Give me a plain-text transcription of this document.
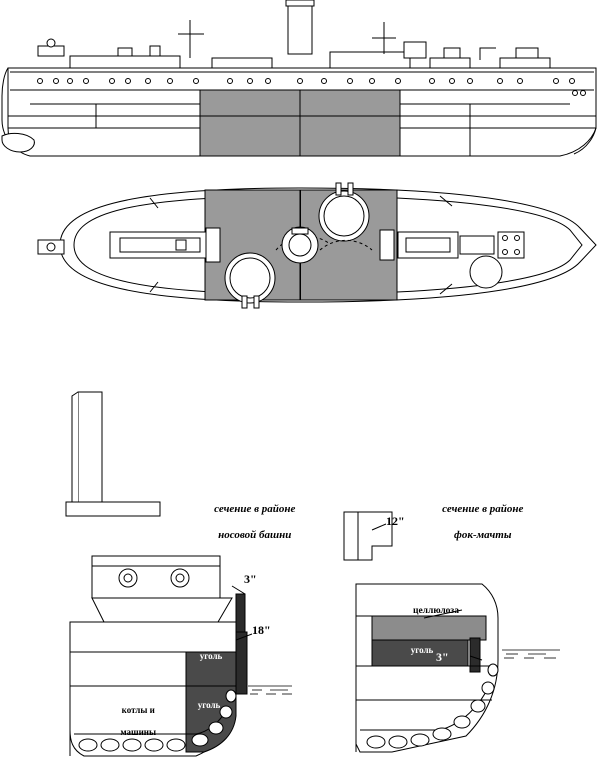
сечение в районе

носовой башни

сечение в районе

фок-мачты

3"
18"
12"
3"
уголь
уголь
уголь
целлюлоза

котлы и

машины
